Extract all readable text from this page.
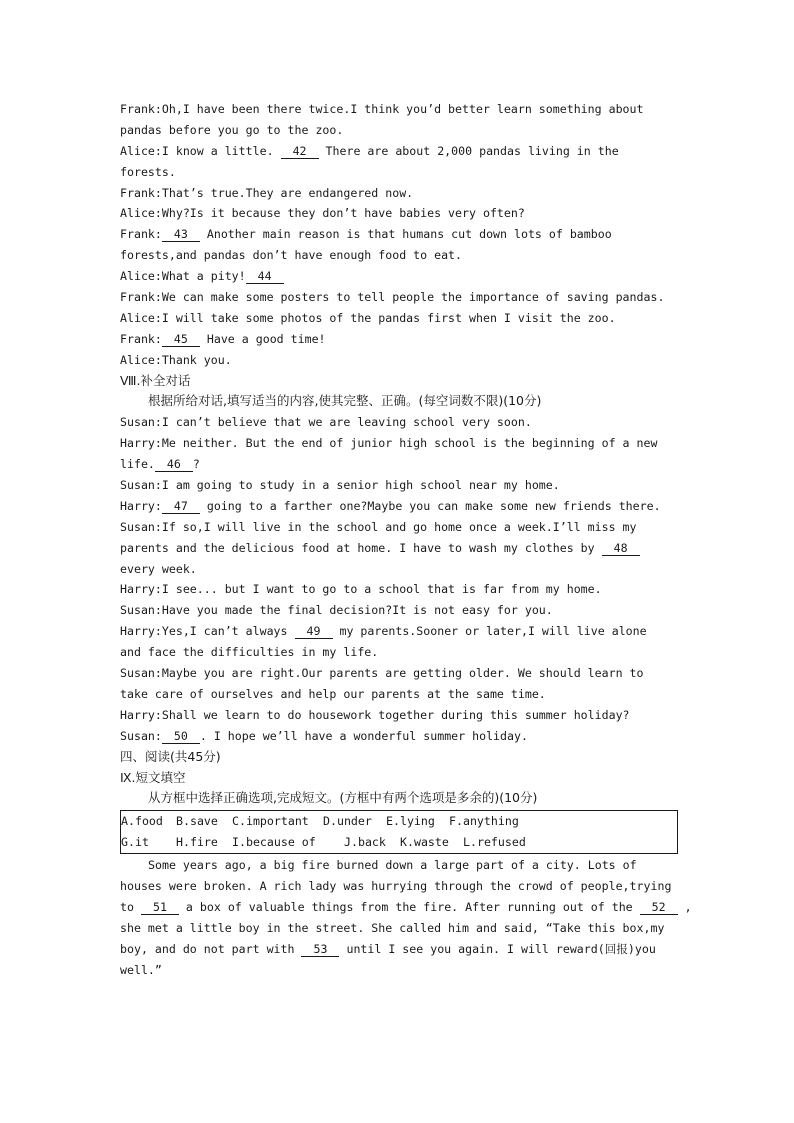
Frank:Oh,I have been there twice.I think you’d better learn something about
pandas before you go to the zoo.
Alice:I know a little. 42 There are about 2,000 pandas living in the
forests.
Frank:That’s true.They are endangered now.
Alice:Why?Is it because they don’t have babies very often?
Frank: 43 Another main reason is that humans cut down lots of bamboo
forests,and pandas don’t have enough food to eat.
Alice:What a pity! 44
Frank:We can make some posters to tell people the importance of saving pandas.
Alice:I will take some photos of the pandas first when I visit the zoo.
Frank: 45 Have a good time!
Alice:Thank you.
Ⅷ.补全对话
根据所给对话,填写适当的内容,使其完整、正确。(每空词数不限)(10分)
Susan:I can’t believe that we are leaving school very soon.
Harry:Me neither. But the end of junior high school is the beginning of a new
life. 46 ?
Susan:I am going to study in a senior high school near my home.
Harry: 47 going to a farther one?Maybe you can make some new friends there.
Susan:If so,I will live in the school and go home once a week.I’ll miss my
parents and the delicious food at home. I have to wash my clothes by 48
every week.
Harry:I see... but I want to go to a school that is far from my home.
Susan:Have you made the final decision?It is not easy for you.
Harry:Yes,I can’t always 49 my parents.Sooner or later,I will live alone
and face the difficulties in my life.
Susan:Maybe you are right.Our parents are getting older. We should learn to
take care of ourselves and help our parents at the same time.
Harry:Shall we learn to do housework together during this summer holiday?
Susan: 50 . I hope we’ll have a wonderful summer holiday.
四、阅读(共45分)
Ⅸ.短文填空
从方框中选择正确选项,完成短文。(方框中有两个选项是多余的)(10分)
A.food B.save C.important D.under E.lying F.anything
G.it H.fire I.because of J.back K.waste L.refused
Some years ago, a big fire burned down a large part of a city. Lots of
houses were broken. A rich lady was hurrying through the crowd of people,trying
to 51 a box of valuable things from the fire. After running out of the 52 ,
she met a little boy in the street. She called him and said, “Take this box,my
boy, and do not part with 53 until I see you again. I will reward(回报)you
well.”
